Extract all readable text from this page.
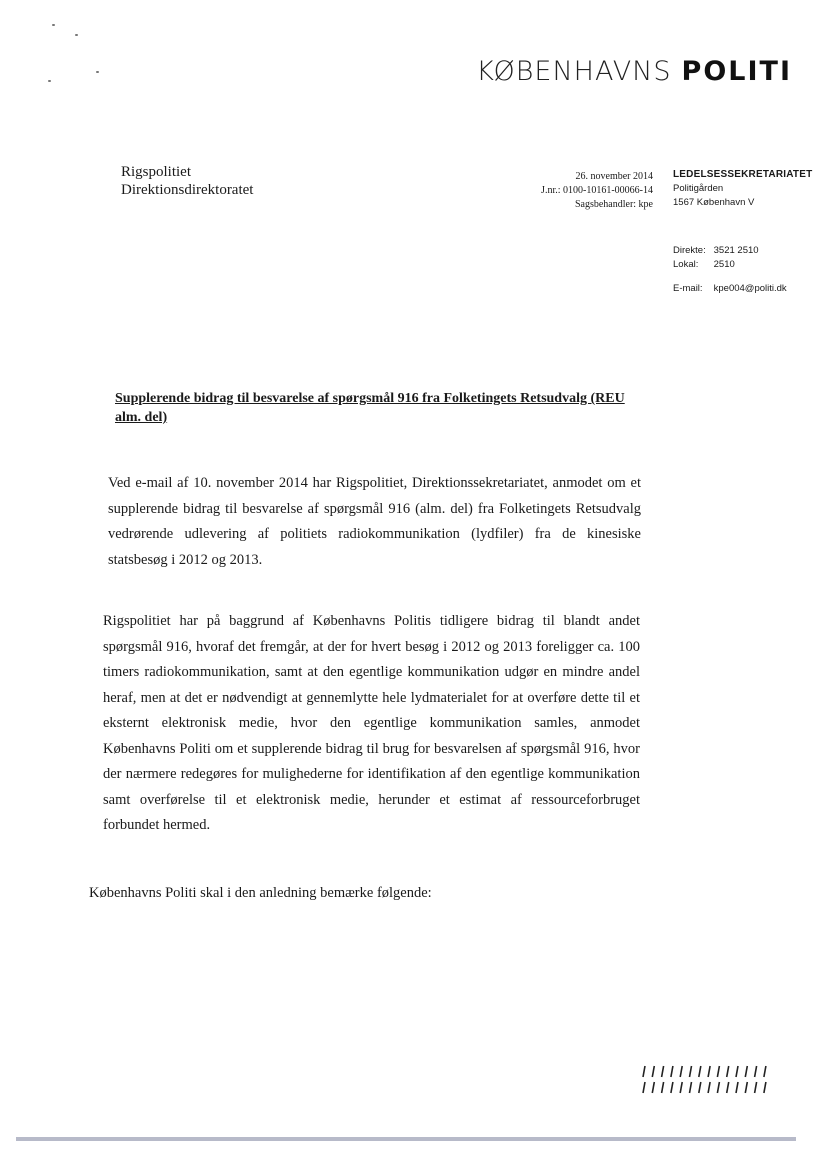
KØBENHAVNS POLITI
Rigspolitiet
Direktionsdirektoratet
26. november 2014
J.nr.: 0100-10161-00066-14
Sagsbehandler: kpe
LEDELSESSEKRETARIATET
Politigården
1567 København V
Direkte: 3521 2510
Lokal: 2510
E-mail: kpe004@politi.dk
Supplerende bidrag til besvarelse af spørgsmål 916 fra Folketingets Retsudvalg (REU alm. del)
Ved e-mail af 10. november 2014 har Rigspolitiet, Direktionssekretariatet, anmodet om et supplerende bidrag til besvarelse af spørgsmål 916 (alm. del) fra Folketingets Retsudvalg vedrørende udlevering af politiets radiokommunikation (lydfiler) fra de kinesiske statsbesøg i 2012 og 2013.
Rigspolitiet har på baggrund af Københavns Politis tidligere bidrag til blandt andet spørgsmål 916, hvoraf det fremgår, at der for hvert besøg i 2012 og 2013 foreligger ca. 100 timers radiokommunikation, samt at den egentlige kommunikation udgør en mindre andel heraf, men at det er nødvendigt at gennemlytte hele lydmaterialet for at overføre dette til et eksternt elektronisk medie, hvor den egentlige kommunikation samles, anmodet Københavns Politi om et supplerende bidrag til brug for besvarelsen af spørgsmål 916, hvor der nærmere redegøres for mulighederne for identifikation af den egentlige kommunikation samt overførelse til et elektronisk medie, herunder et estimat af ressourceforbruget forbundet hermed.
Københavns Politi skal i den anledning bemærke følgende:
